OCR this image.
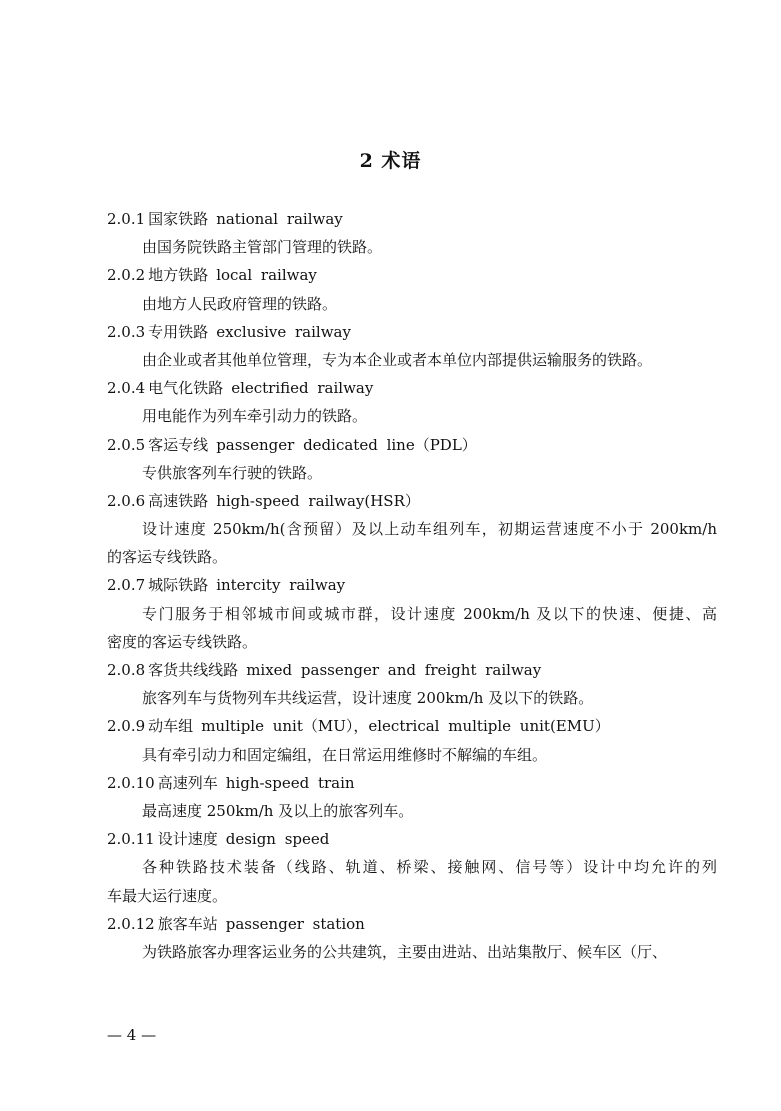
2 术语
2.0.1 国家铁路 national railway
由国务院铁路主管部门管理的铁路。
2.0.2 地方铁路 local railway
由地方人民政府管理的铁路。
2.0.3 专用铁路 exclusive railway
由企业或者其他单位管理，专为本企业或者本单位内部提供运输服务的铁路。
2.0.4 电气化铁路 electrified railway
用电能作为列车牵引动力的铁路。
2.0.5 客运专线 passenger dedicated line（PDL）
专供旅客列车行驶的铁路。
2.0.6 高速铁路 high-speed railway(HSR）
设计速度 250km/h(含预留）及以上动车组列车，初期运营速度不小于 200km/h
的客运专线铁路。
2.0.7 城际铁路 intercity railway
专门服务于相邻城市间或城市群，设计速度 200km/h 及以下的快速、便捷、高
密度的客运专线铁路。
2.0.8 客货共线线路 mixed passenger and freight railway
旅客列车与货物列车共线运营，设计速度 200km/h 及以下的铁路。
2.0.9 动车组 multiple unit（MU），electrical multiple unit(EMU）
具有牵引动力和固定编组，在日常运用维修时不解编的车组。
2.0.10 高速列车 high-speed train
最高速度 250km/h 及以上的旅客列车。
2.0.11 设计速度 design speed
各种铁路技术装备（线路、轨道、桥梁、接触网、信号等）设计中均允许的列
车最大运行速度。
2.0.12 旅客车站 passenger station
为铁路旅客办理客运业务的公共建筑，主要由进站、出站集散厅、候车区（厅、
— 4 —
